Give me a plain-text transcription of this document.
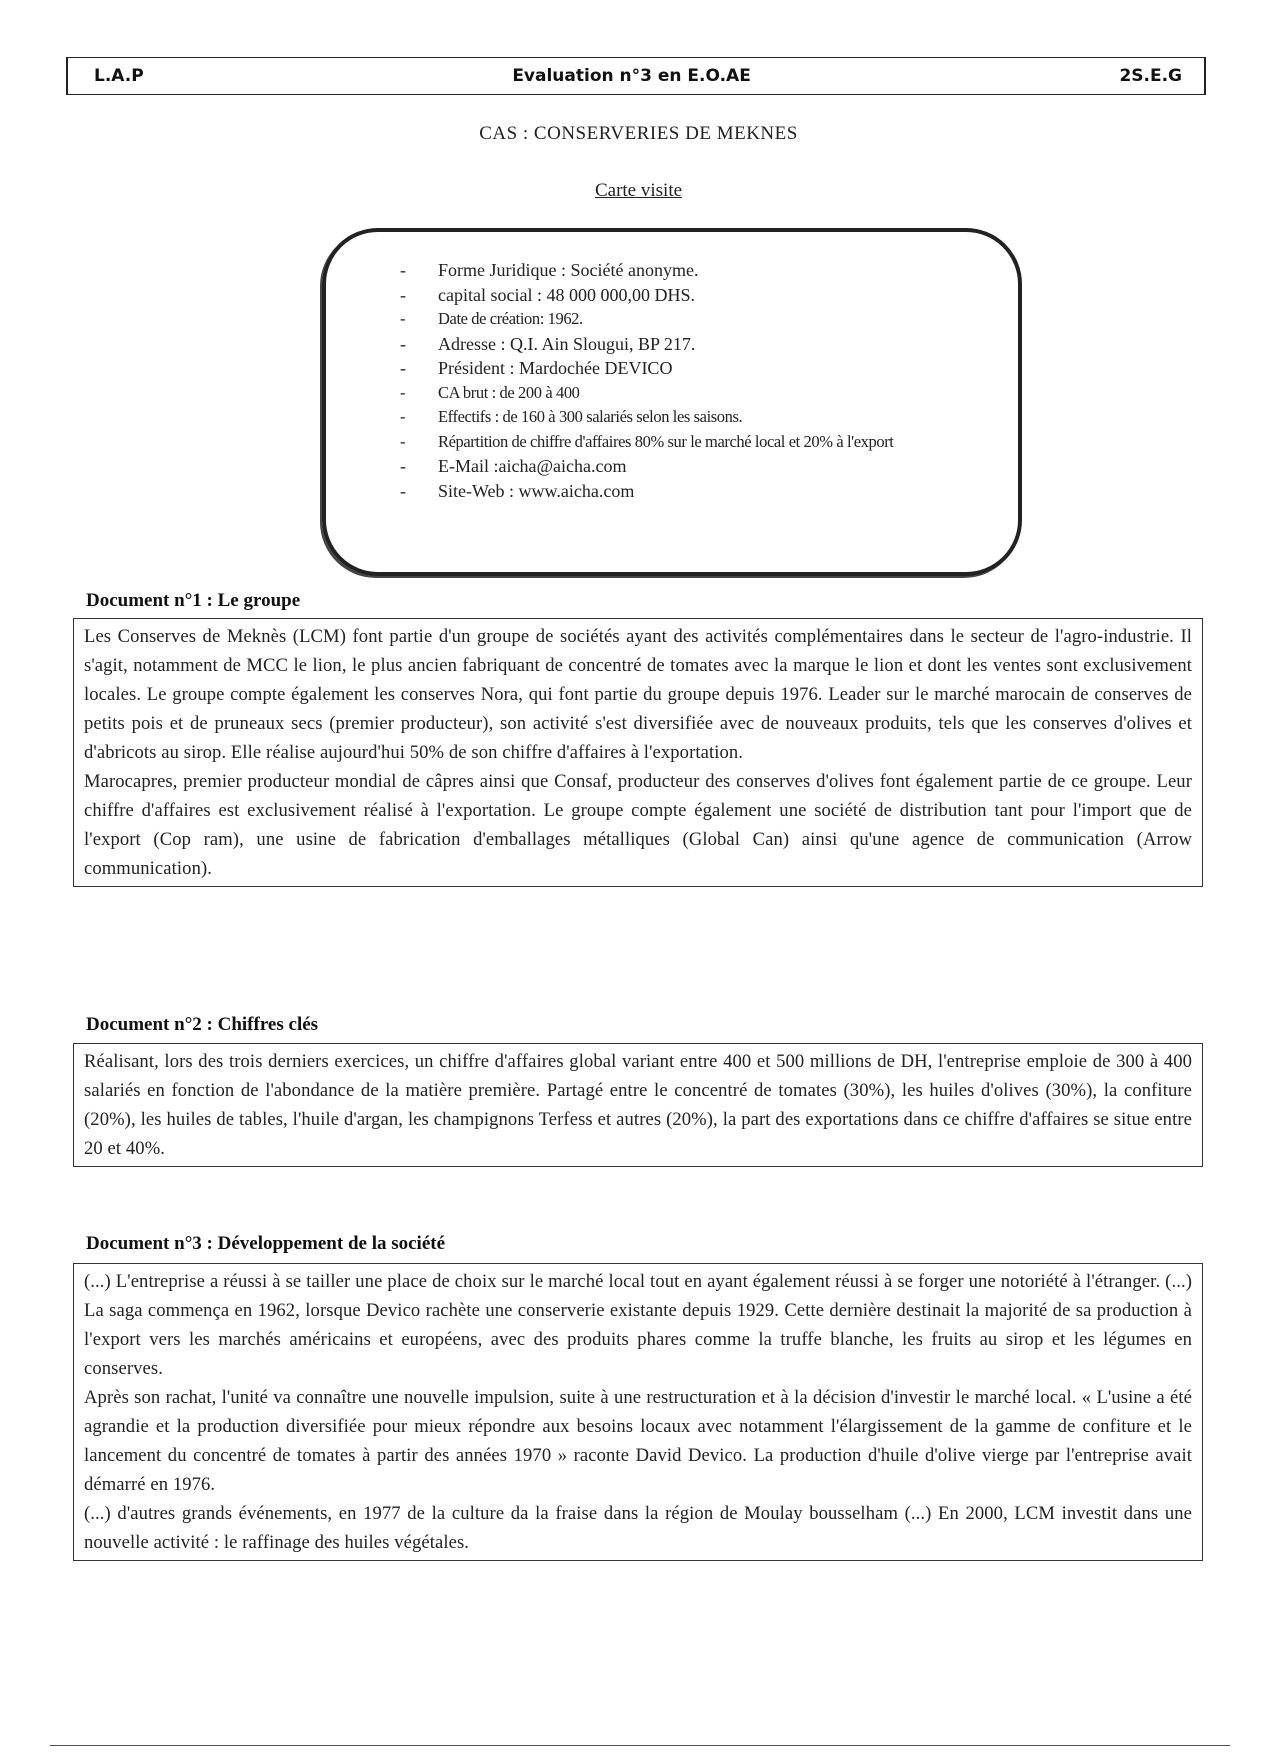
L.A.P	Evaluation n°3 en E.O.AE	2S.E.G
CAS : CONSERVERIES DE MEKNES
Carte visite
- Forme Juridique : Société anonyme.
- capital social : 48 000 000,00 DHS.
- Date de création: 1962.
- Adresse : Q.I. Ain Slougui, BP 217.
- Président : Mardochée DEVICO
- CA brut : de 200 à 400
- Effectifs : de 160 à 300 salariés selon les saisons.
- Répartition de chiffre d'affaires 80% sur le marché local et 20% à l'export
- E-Mail :aicha@aicha.com
- Site-Web : www.aicha.com
Document n°1 : Le groupe

Les Conserves de Meknès (LCM) font partie d'un groupe de sociétés ayant des activités complémentaires dans le secteur de l'agro-industrie. Il s'agit, notamment de MCC le lion, le plus ancien fabriquant de concentré de tomates avec la marque le lion et dont les ventes sont exclusivement locales. Le groupe compte également les conserves Nora, qui font partie du groupe depuis 1976. Leader sur le marché marocain de conserves de petits pois et de pruneaux secs (premier producteur), son activité s'est diversifiée avec de nouveaux produits, tels que les conserves d'olives et d'abricots au sirop. Elle réalise aujourd'hui 50% de son chiffre d'affaires à l'exportation.

Marocapres, premier producteur mondial de câpres ainsi que Consaf, producteur des conserves d'olives font également partie de ce groupe. Leur chiffre d'affaires est exclusivement réalisé à l'exportation. Le groupe compte également une société de distribution tant pour l'import que de l'export (Cop ram), une usine de fabrication d'emballages métalliques (Global Can) ainsi qu'une agence de communication (Arrow communication).

Document n°2 : Chiffres clés

Réalisant, lors des trois derniers exercices, un chiffre d'affaires global variant entre 400 et 500 millions de DH, l'entreprise emploie de 300 à 400 salariés en fonction de l'abondance de la matière première. Partagé entre le concentré de tomates (30%), les huiles d'olives (30%), la confiture (20%), les huiles de tables, l'huile d'argan, les champignons Terfess et autres (20%), la part des exportations dans ce chiffre d'affaires se situe entre 20 et 40%.

Document n°3 : Développement de la société

(...) L'entreprise a réussi à se tailler une place de choix sur le marché local tout en ayant également réussi à se forger une notoriété à l'étranger. (...) La saga commença en 1962, lorsque Devico rachète une conserverie existante depuis 1929. Cette dernière destinait la majorité de sa production à l'export vers les marchés américains et européens, avec des produits phares comme la truffe blanche, les fruits au sirop et les légumes en conserves.

Après son rachat, l'unité va connaître une nouvelle impulsion, suite à une restructuration et à la décision d'investir le marché local. « L'usine a été agrandie et la production diversifiée pour mieux répondre aux besoins locaux avec notamment l'élargissement de la gamme de confiture et le lancement du concentré de tomates à partir des années 1970 » raconte David Devico. La production d'huile d'olive vierge par l'entreprise avait démarré en 1976.

(...) d'autres grands événements, en 1977 de la culture da la fraise dans la région de Moulay bousselham (...) En 2000, LCM investit dans une nouvelle activité : le raffinage des huiles végétales.
